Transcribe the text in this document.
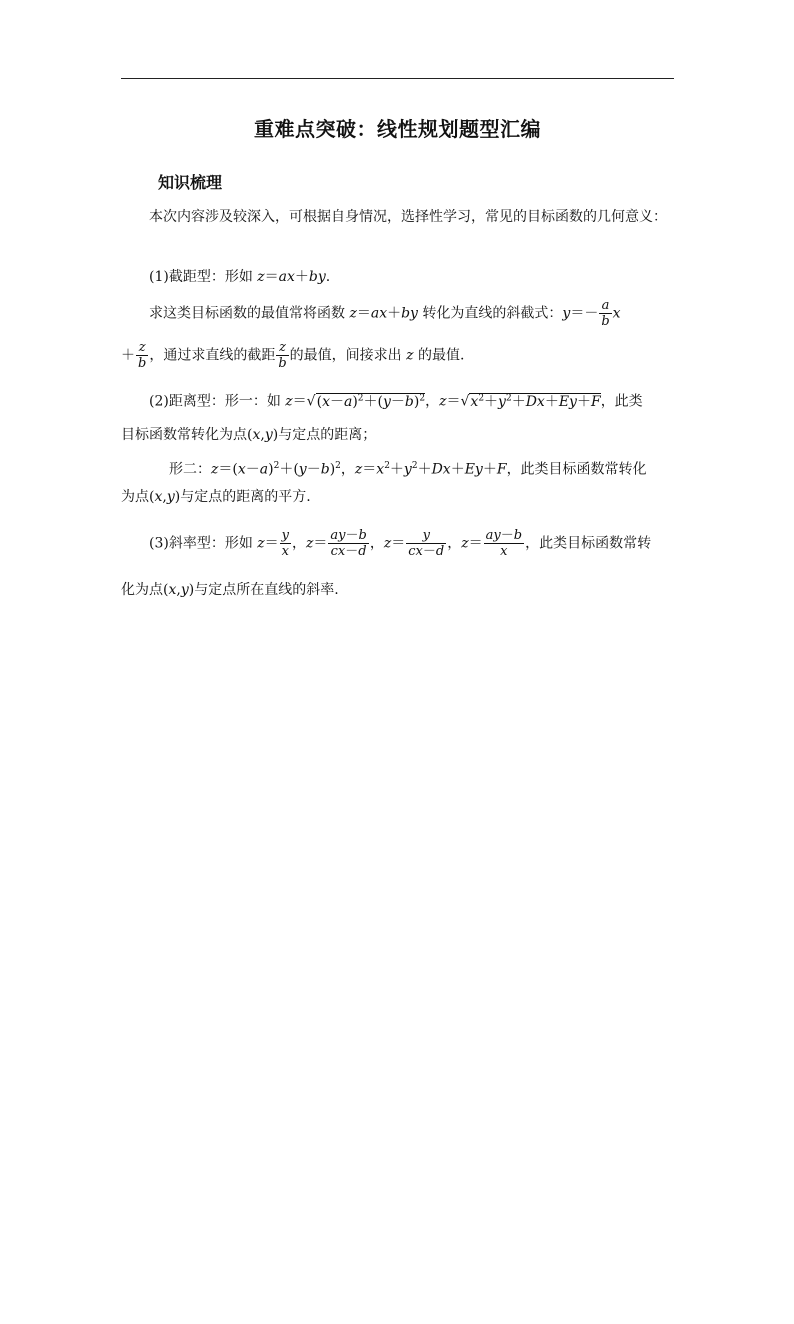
重难点突破：线性规划题型汇编
知识梳理
本次内容涉及较深入，可根据自身情况，选择性学习，常见的目标函数的几何意义：
(1)截距型：形如 z＝ax＋by.
求这类目标函数的最值常将函数 z＝ax＋by 转化为直线的斜截式：$y=- \frac{a}{b}$ x
＋ $\frac{z}{b}$ ，通过求直线的截距 $\frac{z}{b}$ 的最值，间接求出 z 的最值.
(2)距离型：形一：如 $z=√(x-a)^2+(y-b)^2$，$z=√x^2+y^2+Dx+Ey+F$，此类
目标函数常转化为点(x,y)与定点的距离；
形二：$z=(x-a)^2+(y-b)^2$，$z=x^2+y^2+Dx+Ey+F$，此类目标函数常转化
为点(x,y)与定点的距离的平方.
(3)斜率型：形如 $z= \frac{y}{x}$ ，$z= \frac{ay-b}{cx-d}$ ，$z= \frac{y}{cx-d}$ ，$z= \frac{ay-b}{x}$ ，此类目标函数常转
化为点(x,y)与定点所在直线的斜率.
